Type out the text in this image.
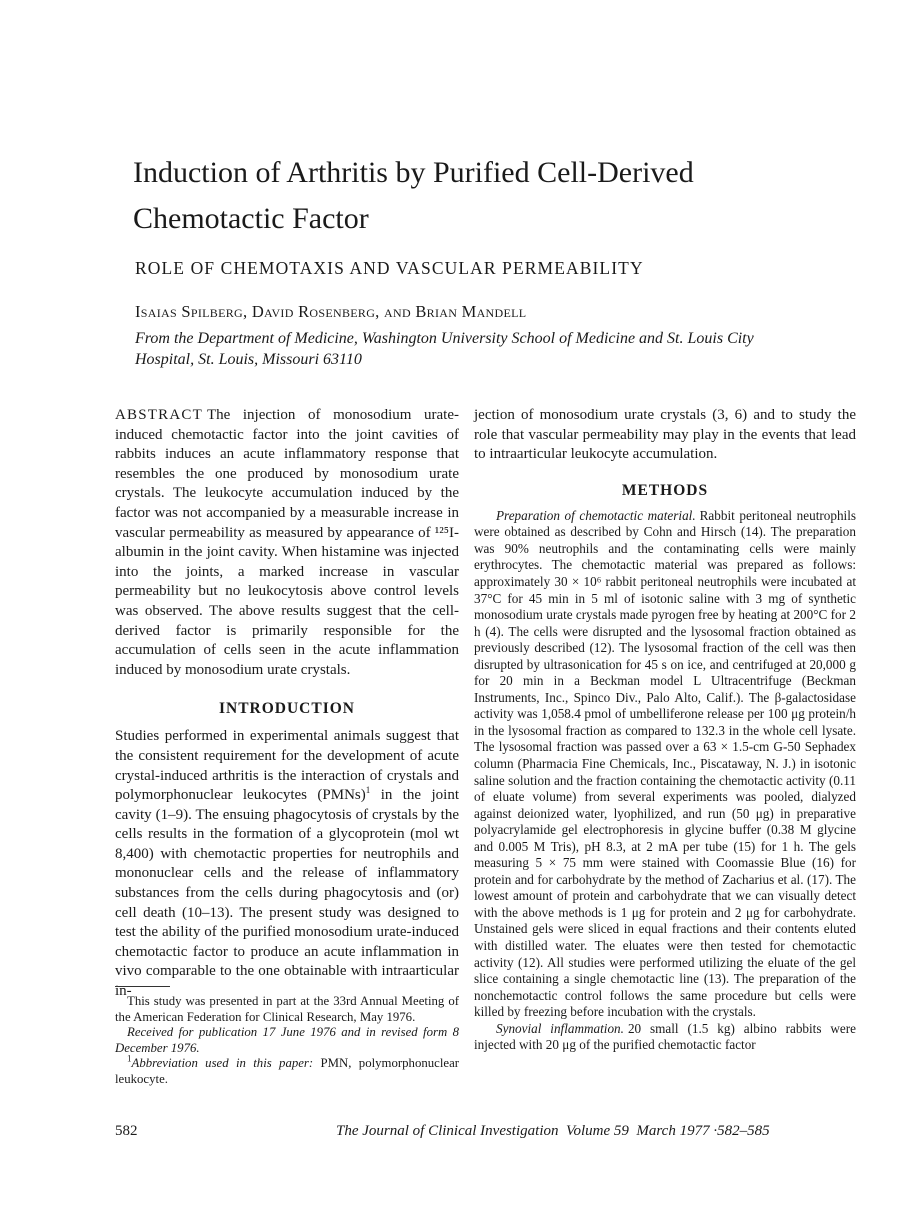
Induction of Arthritis by Purified Cell-Derived Chemotactic Factor

ROLE OF CHEMOTAXIS AND VASCULAR PERMEABILITY

Isaias Spilberg, David Rosenberg, and Brian Mandell

From the Department of Medicine, Washington University School of Medicine and St. Louis City Hospital, St. Louis, Missouri 63110

ABSTRACT The injection of monosodium urate-induced chemotactic factor into the joint cavities of rabbits induces an acute inflammatory response that resembles the one produced by monosodium urate crystals. The leukocyte accumulation induced by the factor was not accompanied by a measurable increase in vascular permeability as measured by appearance of ¹²⁵I-albumin in the joint cavity. When histamine was injected into the joints, a marked increase in vascular permeability but no leukocytosis above control levels was observed. The above results suggest that the cell-derived factor is primarily responsible for the accumulation of cells seen in the acute inflammation induced by monosodium urate crystals.

INTRODUCTION

Studies performed in experimental animals suggest that the consistent requirement for the development of acute crystal-induced arthritis is the interaction of crystals and polymorphonuclear leukocytes (PMNs)$^1$ in the joint cavity (1–9). The ensuing phagocytosis of crystals by the cells results in the formation of a glycoprotein (mol wt 8,400) with chemotactic properties for neutrophils and mononuclear cells and the release of inflammatory substances from the cells during phagocytosis and (or) cell death (10–13). The present study was designed to test the ability of the purified monosodium urate-induced chemotactic factor to produce an acute inflammation in vivo comparable to the one obtainable with intraarticular in-

This study was presented in part at the 33rd Annual Meeting of the American Federation for Clinical Research, May 1976.

Received for publication 17 June 1976 and in revised form 8 December 1976.

$^1$Abbreviation used in this paper: PMN, polymorphonuclear leukocyte.

jection of monosodium urate crystals (3, 6) and to study the role that vascular permeability may play in the events that lead to intraarticular leukocyte accumulation.

METHODS

Preparation of chemotactic material. Rabbit peritoneal neutrophils were obtained as described by Cohn and Hirsch (14). The preparation was 90% neutrophils and the contaminating cells were mainly erythrocytes. The chemotactic material was prepared as follows: approximately 30 × 10⁶ rabbit peritoneal neutrophils were incubated at 37°C for 45 min in 5 ml of isotonic saline with 3 mg of synthetic monosodium urate crystals made pyrogen free by heating at 200°C for 2 h (4). The cells were disrupted and the lysosomal fraction obtained as previously described (12). The lysosomal fraction of the cell was then disrupted by ultrasonication for 45 s on ice, and centrifuged at 20,000 g for 20 min in a Beckman model L Ultracentrifuge (Beckman Instruments, Inc., Spinco Div., Palo Alto, Calif.). The β-galactosidase activity was 1,058.4 pmol of umbelliferone release per 100 μg protein/h in the lysosomal fraction as compared to 132.3 in the whole cell lysate. The lysosomal fraction was passed over a 63 × 1.5-cm G-50 Sephadex column (Pharmacia Fine Chemicals, Inc., Piscataway, N. J.) in isotonic saline solution and the fraction containing the chemotactic activity (0.11 of eluate volume) from several experiments was pooled, dialyzed against deionized water, lyophilized, and run (50 μg) in preparative polyacrylamide gel electrophoresis in glycine buffer (0.38 M glycine and 0.005 M Tris), pH 8.3, at 2 mA per tube (15) for 1 h. The gels measuring 5 × 75 mm were stained with Coomassie Blue (16) for protein and for carbohydrate by the method of Zacharius et al. (17). The lowest amount of protein and carbohydrate that we can visually detect with the above methods is 1 μg for protein and 2 μg for carbohydrate. Unstained gels were sliced in equal fractions and their contents eluted with distilled water. The eluates were then tested for chemotactic activity (12). All studies were performed utilizing the eluate of the gel slice containing a single chemotactic line (13). The preparation of the nonchemotactic control follows the same procedure but cells were killed by freezing before incubation with the crystals.

Synovial inflammation. 20 small (1.5 kg) albino rabbits were injected with 20 μg of the purified chemotactic factor

582	The Journal of Clinical Investigation Volume 59 March 1977 ·582–585
